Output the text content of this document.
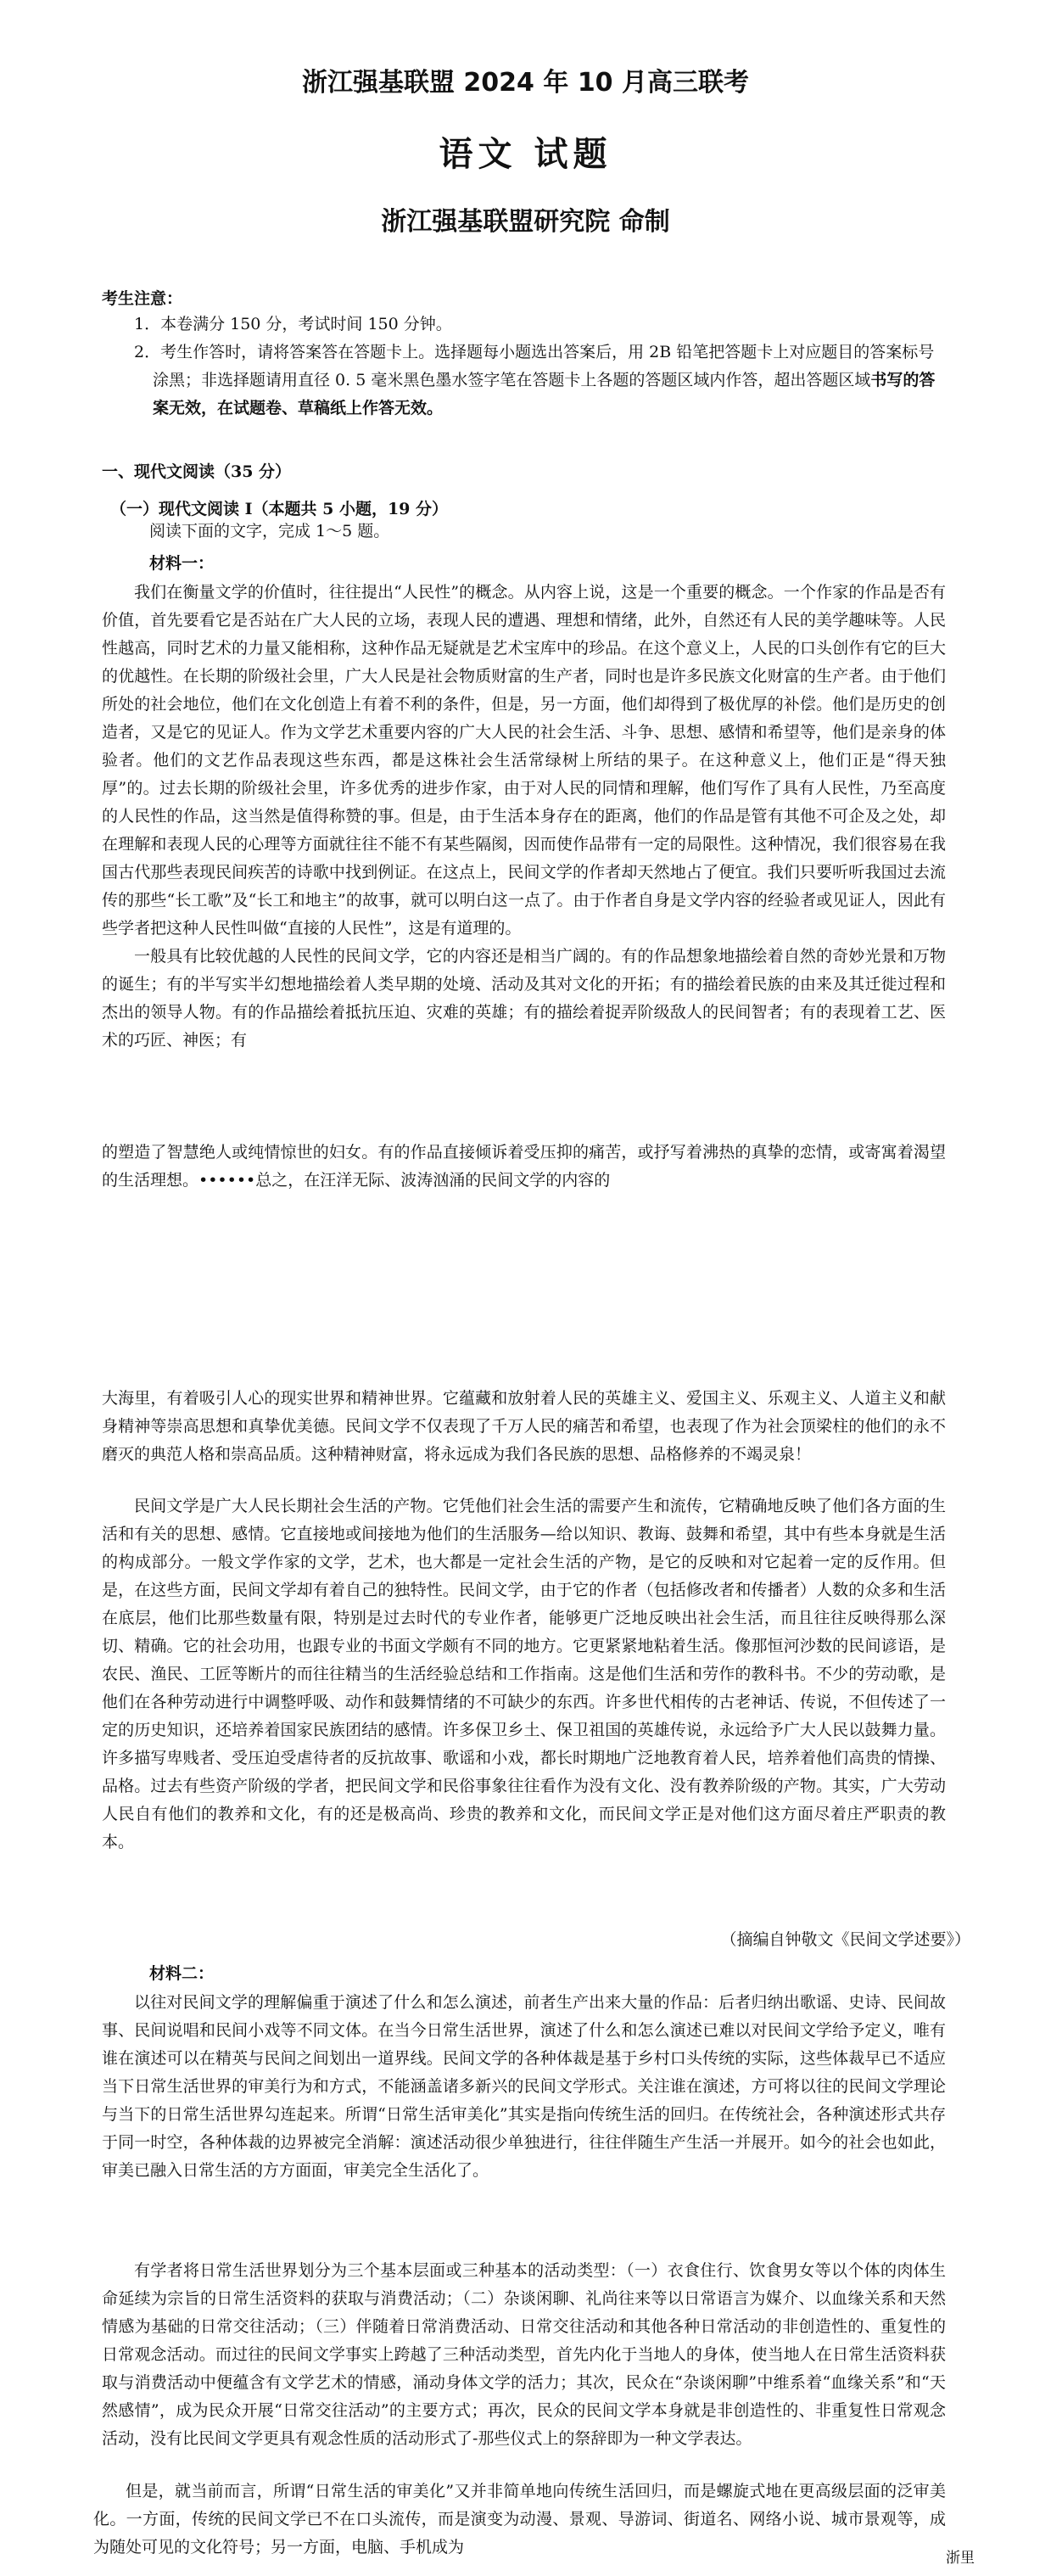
浙江强基联盟 2024 年 10 月高三联考
语文 试题
浙江强基联盟研究院 命制
考生注意：
1．本卷满分 150 分，考试时间 150 分钟。
2．考生作答时，请将答案答在答题卡上。选择题每小题选出答案后，用 2B 铅笔把答题卡上对应题目的答案标号涂黑；非选择题请用直径 0. 5 毫米黑色墨水签字笔在答题卡上各题的答题区域内作答，超出答题区域书写的答案无效，在试题卷、草稿纸上作答无效。
一、现代文阅读（35 分）
（一）现代文阅读 I（本题共 5 小题，19 分）
阅读下面的文字，完成 1～5 题。
材料一：

我们在衡量文学的价值时，往往提出“人民性”的概念。从内容上说，这是一个重要的概念。一个作家的作品是否有价值，首先要看它是否站在广大人民的立场，表现人民的遭遇、理想和情绪，此外，自然还有人民的美学趣味等。人民性越高，同时艺术的力量又能相称，这种作品无疑就是艺术宝库中的珍品。在这个意义上，人民的口头创作有它的巨大的优越性。在长期的阶级社会里，广大人民是社会物质财富的生产者，同时也是许多民族文化财富的生产者。由于他们所处的社会地位，他们在文化创造上有着不利的条件，但是，另一方面，他们却得到了极优厚的补偿。他们是历史的创造者，又是它的见证人。作为文学艺术重要内容的广大人民的社会生活、斗争、思想、感情和希望等，他们是亲身的体验者。他们的文艺作品表现这些东西，都是这株社会生活常绿树上所结的果子。在这种意义上，他们正是“得天独厚”的。过去长期的阶级社会里，许多优秀的进步作家，由于对人民的同情和理解，他们写作了具有人民性，乃至高度的人民性的作品，这当然是值得称赞的事。但是，由于生活本身存在的距离，他们的作品是管有其他不可企及之处，却在理解和表现人民的心理等方面就往往不能不有某些隔阂，因而使作品带有一定的局限性。这种情况，我们很容易在我国古代那些表现民间疾苦的诗歌中找到例证。在这点上，民间文学的作者却天然地占了便宜。我们只要听听我国过去流传的那些“长工歌”及“长工和地主”的故事，就可以明白这一点了。由于作者自身是文学内容的经验者或见证人，因此有些学者把这种人民性叫做“直接的人民性”，这是有道理的。

一般具有比较优越的人民性的民间文学，它的内容还是相当广阔的。有的作品想象地描绘着自然的奇妙光景和万物的诞生；有的半写实半幻想地描绘着人类早期的处境、活动及其对文化的开拓；有的描绘着民族的由来及其迁徙过程和杰出的领导人物。有的作品描绘着抵抗压迫、灾难的英雄；有的描绘着捉弄阶级敌人的民间智者；有的表现着工艺、医术的巧匠、神医；有

的塑造了智慧绝人或纯情惊世的妇女。有的作品直接倾诉着受压抑的痛苦，或抒写着沸热的真挚的恋情，或寄寓着渴望的生活理想。••••••总之，在汪洋无际、波涛汹涌的民间文学的内容的

大海里，有着吸引人心的现实世界和精神世界。它蕴藏和放射着人民的英雄主义、爱国主义、乐观主义、人道主义和献身精神等崇高思想和真挚优美德。民间文学不仅表现了千万人民的痛苦和希望，也表现了作为社会顶梁柱的他们的永不磨灭的典范人格和崇高品质。这种精神财富，将永远成为我们各民族的思想、品格修养的不竭灵泉！

民间文学是广大人民长期社会生活的产物。它凭他们社会生活的需要产生和流传，它精确地反映了他们各方面的生活和有关的思想、感情。它直接地或间接地为他们的生活服务—给以知识、教诲、鼓舞和希望，其中有些本身就是生活的构成部分。一般文学作家的文学，艺术，也大都是一定社会生活的产物，是它的反映和对它起着一定的反作用。但是，在这些方面，民间文学却有着自己的独特性。民间文学，由于它的作者（包括修改者和传播者）人数的众多和生活在底层，他们比那些数量有限，特别是过去时代的专业作者，能够更广泛地反映出社会生活，而且往往反映得那么深切、精确。它的社会功用，也跟专业的书面文学颇有不同的地方。它更紧紧地粘着生活。像那恒河沙数的民间谚语，是农民、渔民、工匠等断片的而往往精当的生活经验总结和工作指南。这是他们生活和劳作的教科书。不少的劳动歌，是他们在各种劳动进行中调整呼吸、动作和鼓舞情绪的不可缺少的东西。许多世代相传的古老神话、传说，不但传述了一定的历史知识，还培养着国家民族团结的感情。许多保卫乡土、保卫祖国的英雄传说，永远给予广大人民以鼓舞力量。许多描写卑贱者、受压迫受虐待者的反抗故事、歌谣和小戏，都长时期地广泛地教育着人民，培养着他们高贵的情操、品格。过去有些资产阶级的学者，把民间文学和民俗事象往往看作为没有文化、没有教养阶级的产物。其实，广大劳动人民自有他们的教养和文化，有的还是极高尚、珍贵的教养和文化，而民间文学正是对他们这方面尽着庄严职责的教本。

（摘编自钟敬文《民间文学述要》）
材料二：

以往对民间文学的理解偏重于演述了什么和怎么演述，前者生产出来大量的作品：后者归纳出歌谣、史诗、民间故事、民间说唱和民间小戏等不同文体。在当今日常生活世界，演述了什么和怎么演述已难以对民间文学给予定义，唯有谁在演述可以在精英与民间之间划出一道界线。民间文学的各种体裁是基于乡村口头传统的实际，这些体裁早已不适应当下日常生活世界的审美行为和方式，不能涵盖诸多新兴的民间文学形式。关注谁在演述，方可将以往的民间文学理论与当下的日常生活世界勾连起来。所谓“日常生活审美化”其实是指向传统生活的回归。在传统社会，各种演述形式共存于同一时空，各种体裁的边界被完全消解：演述活动很少单独进行，往往伴随生产生活一并展开。如今的社会也如此，审美已融入日常生活的方方面面，审美完全生活化了。

有学者将日常生活世界划分为三个基本层面或三种基本的活动类型：（一）衣食住行、饮食男女等以个体的肉体生命延续为宗旨的日常生活资料的获取与消费活动；（二）杂谈闲聊、礼尚往来等以日常语言为媒介、以血缘关系和天然情感为基础的日常交往活动；（三）伴随着日常消费活动、日常交往活动和其他各种日常活动的非创造性的、重复性的日常观念活动。而过往的民间文学事实上跨越了三种活动类型，首先内化于当地人的身体，使当地人在日常生活资料获取与消费活动中便蕴含有文学艺术的情感，涌动身体文学的活力；其次，民众在“杂谈闲聊”中维系着“血缘关系”和“天然感情”，成为民众开展“日常交往活动”的主要方式；再次，民众的民间文学本身就是非创造性的、非重复性日常观念活动，没有比民间文学更具有观念性质的活动形式了-那些仪式上的祭辞即为一种文学表达。

但是，就当前而言，所谓“日常生活的审美化”又并非简单地向传统生活回归，而是螺旋式地在更高级层面的泛审美化。一方面，传统的民间文学已不在口头流传，而是演变为动漫、景观、导游词、街道名、网络小说、城市景观等，成为随处可见的文化符号；另一方面，电脑、手机成为

浙里
